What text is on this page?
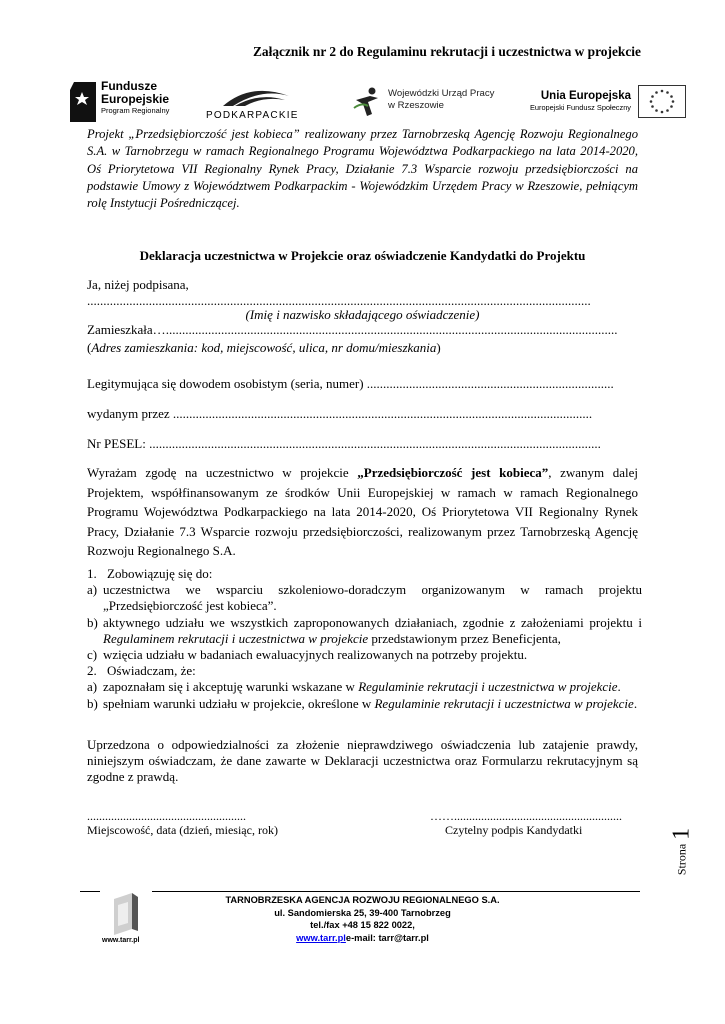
Załącznik nr 2 do Regulaminu rekrutacji i uczestnictwa w projekcie
Fundusze
Europejskie
Program Regionalny	PODKARPACKIE
Wojewódzki Urząd Pracy
w Rzeszowie
Unia Europejska
Europejski Fundusz Społeczny
Projekt „Przedsiębiorczość jest kobieca” realizowany przez Tarnobrzeską Agencję Rozwoju Regionalnego S.A. w Tarnobrzegu w ramach Regionalnego Programu Województwa Podkarpackiego na lata 2014-2020, Oś Priorytetowa VII Regionalny Rynek Pracy, Działanie 7.3 Wsparcie rozwoju przedsiębiorczości na podstawie Umowy z Województwem Podkarpackim - Wojewódzkim Urzędem Pracy w Rzeszowie, pełniącym rolę Instytucji Pośredniczącej.
Deklaracja uczestnictwa w Projekcie oraz oświadczenie Kandydatki do Projektu
Ja, niżej podpisana,
...........................................................................................................................................................
(Imię i nazwisko składającego oświadczenie)
Zamieszkała…...........................................................................................................................................
(Adres zamieszkania: kod, miejscowość, ulica, nr domu/mieszkania)
Legitymująca się dowodem osobistym (seria, numer) ............................................................................
wydanym przez .................................................................................................................................
Nr PESEL: ...........................................................................................................................................
Wyrażam zgodę na uczestnictwo w projekcie „Przedsiębiorczość jest kobieca”, zwanym dalej Projektem, współfinansowanym ze środków Unii Europejskiej w ramach w ramach Regionalnego Programu Województwa Podkarpackiego na lata 2014-2020, Oś Priorytetowa VII Regionalny Rynek Pracy, Działanie 7.3 Wsparcie rozwoju przedsiębiorczości, realizowanym przez Tarnobrzeską Agencję Rozwoju Regionalnego S.A.
1. Zobowiązuję się do:
a) uczestnictwa we wsparciu szkoleniowo-doradczym organizowanym w ramach projektu „Przedsiębiorczość jest kobieca”.
b) aktywnego udziału we wszystkich zaproponowanych działaniach, zgodnie z założeniami projektu i Regulaminem rekrutacji i uczestnictwa w projekcie przedstawionym przez Beneficjenta,
c) wzięcia udziału w badaniach ewaluacyjnych realizowanych na potrzeby projektu.
2. Oświadczam, że:
a) zapoznałam się i akceptuję warunki wskazane w Regulaminie rekrutacji i uczestnictwa w projekcie.
b) spełniam warunki udziału w projekcie, określone w Regulaminie rekrutacji i uczestnictwa w projekcie.
Uprzedzona o odpowiedzialności za złożenie nieprawdziwego oświadczenia lub zatajenie prawdy, niniejszym oświadczam, że dane zawarte w Deklaracji uczestnictwa oraz Formularzu rekrutacyjnym są zgodne z prawdą.
.....................................................
Miejscowość, data (dzień, miesiąc, rok)
……........................................................
Czytelny podpis Kandydatki
Strona 1
www.tarr.pl
TARNOBRZESKA AGENCJA ROZWOJU REGIONALNEGO S.A.
ul. Sandomierska 25, 39-400 Tarnobrzeg
tel./fax +48 15 822 0022,
www.tarr.ple-mail: tarr@tarr.pl
